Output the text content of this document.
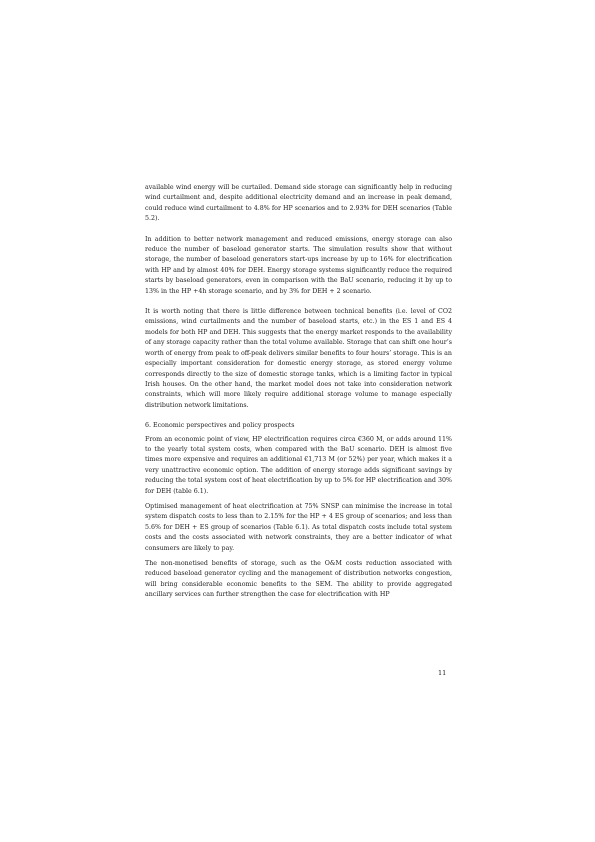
available wind energy will be curtailed. Demand side storage can significantly help in reducing wind curtailment and, despite additional electricity demand and an increase in peak demand, could reduce wind curtailment to 4.8% for HP scenarios and to 2.93% for DEH scenarios (Table 5.2).

In addition to better network management and reduced emissions, energy storage can also reduce the number of baseload generator starts. The simulation results show that without storage, the number of baseload generators start-ups increase by up to 16% for electrification with HP and by almost 40% for DEH. Energy storage systems significantly reduce the required starts by baseload generators, even in comparison with the BaU scenario, reducing it by up to 13% in the HP +4h storage scenario, and by 3% for DEH + 2 scenario.

It is worth noting that there is little difference between technical benefits (i.e. level of CO2 emissions, wind curtailments and the number of baseload starts, etc.) in the ES 1 and ES 4 models for both HP and DEH. This suggests that the energy market responds to the availability of any storage capacity rather than the total volume available. Storage that can shift one hour’s worth of energy from peak to off-peak delivers similar benefits to four hours’ storage. This is an especially important consideration for domestic energy storage, as stored energy volume corresponds directly to the size of domestic storage tanks, which is a limiting factor in typical Irish houses. On the other hand, the market model does not take into consideration network constraints, which will more likely require additional storage volume to manage especially distribution network limitations.

6. Economic perspectives and policy prospects

From an economic point of view, HP electrification requires circa €360 M, or adds around 11% to the yearly total system costs, when compared with the BaU scenario. DEH is almost five times more expensive and requires an additional €1,713 M (or 52%) per year, which makes it a very unattractive economic option. The addition of energy storage adds significant savings by reducing the total system cost of heat electrification by up to 5% for HP electrification and 30% for DEH (table 6.1).

Optimised management of heat electrification at 75% SNSP can minimise the increase in total system dispatch costs to less than to 2.15% for the HP + 4 ES group of scenarios; and less than 5.6% for DEH + ES group of scenarios (Table 6.1). As total dispatch costs include total system costs and the costs associated with network constraints, they are a better indicator of what consumers are likely to pay.

The non-monetised benefits of storage, such as the O&M costs reduction associated with reduced baseload generator cycling and the management of distribution networks congestion, will bring considerable economic benefits to the SEM. The ability to provide aggregated ancillary services can further strengthen the case for electrification with HP

11
